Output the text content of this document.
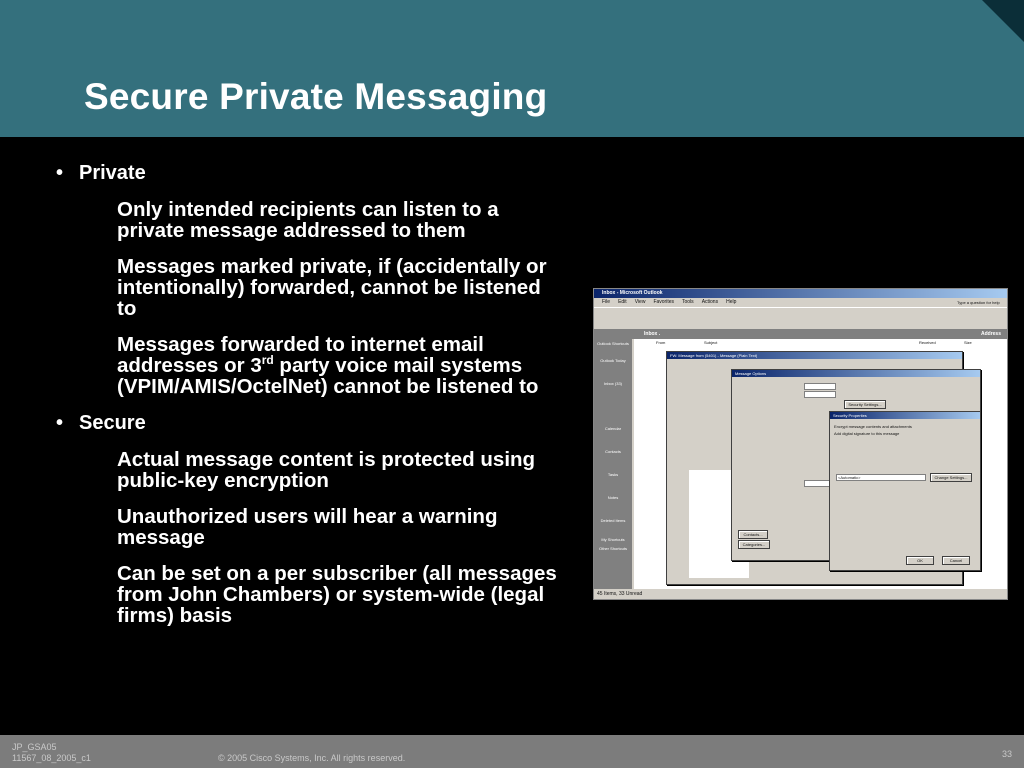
Secure Private Messaging
• Private
Only intended recipients can listen to a private message addressed to them
Messages marked private, if (accidentally or intentionally) forwarded, cannot be listened to
Messages forwarded to internet email addresses or 3rd party voice mail systems (VPIM/AMIS/OctelNet) cannot be listened to
• Secure
Actual message content is protected using public-key encryption
Unauthorized users will hear a warning message
Can be set on a per subscriber (all messages from John Chambers) or system-wide (legal firms) basis
Inbox - Microsoft Outlook
File Edit View Favorites Tools Actions Help	Type a question for help
Inbox .	Address
Outlook Shortcuts
Outlook Today
Inbox (33)
Calendar
Contacts
Tasks
Notes
Deleted Items
My Shortcuts
Other Shortcuts
From	Subject	Received	Size
FW: Message from (5401) - Message (Plain Text)
Message Options
Security Settings...
Contacts...
Categories...
Security Properties
Encrypt message contents and attachments
Add digital signature to this message
<Automatic>	Change Settings...
OK	Cancel
45 Items, 33 Unread
JP_GSA05
11567_08_2005_c1	© 2005 Cisco Systems, Inc. All rights reserved.	33
